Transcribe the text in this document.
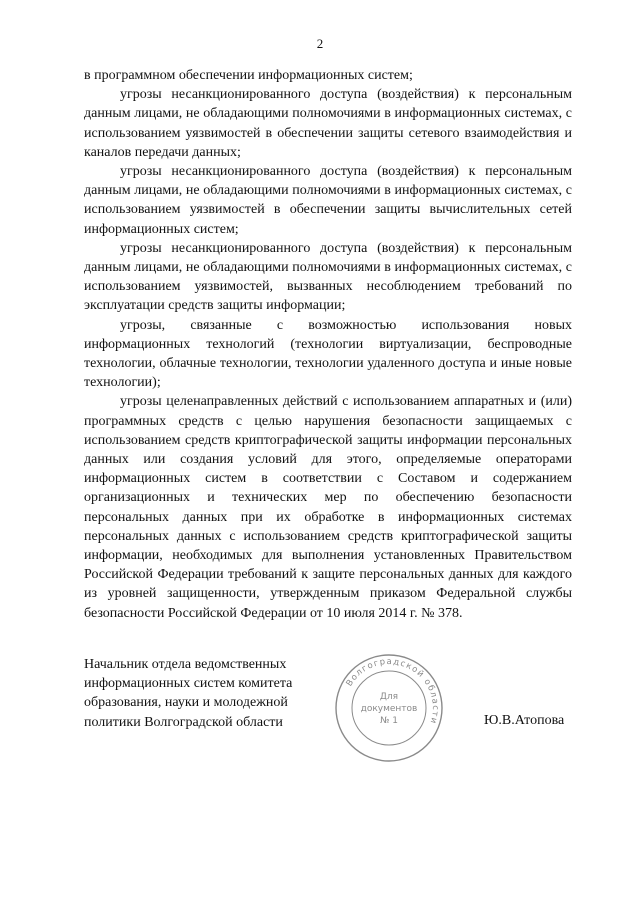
2

в программном обеспечении информационных систем;

угрозы несанкционированного доступа (воздействия) к персональным данным лицами, не обладающими полномочиями в информационных системах, с использованием уязвимостей в обеспечении защиты сетевого взаимодействия и каналов передачи данных;

угрозы несанкционированного доступа (воздействия) к персональным данным лицами, не обладающими полномочиями в информационных системах, с использованием уязвимостей в обеспечении защиты вычислительных сетей информационных систем;

угрозы несанкционированного доступа (воздействия) к персональным данным лицами, не обладающими полномочиями в информационных системах, с использованием уязвимостей, вызванных несоблюдением требований по эксплуатации средств защиты информации;

угрозы, связанные с возможностью использования новых информационных технологий (технологии виртуализации, беспроводные технологии, облачные технологии, технологии удаленного доступа и иные новые технологии);

угрозы целенаправленных действий с использованием аппаратных и (или) программных средств с целью нарушения безопасности защищаемых с использованием средств криптографической защиты информации персональных данных или создания условий для этого, определяемые операторами информационных систем в соответствии с Составом и содержанием организационных и технических мер по обеспечению безопасности персональных данных при их обработке в информационных системах персональных данных с использованием средств криптографической защиты информации, необходимых для выполнения установленных Правительством Российской Федерации требований к защите персональных данных для каждого из уровней защищенности, утвержденным приказом Федеральной службы безопасности Российской Федерации от 10 июля 2014 г. № 378.

Начальник отдела ведомственных
информационных систем комитета
образования, науки и молодежной
политики Волгоградской области
Волгоградской области
Для
документов
№ 1	Ю.В.Атопова
